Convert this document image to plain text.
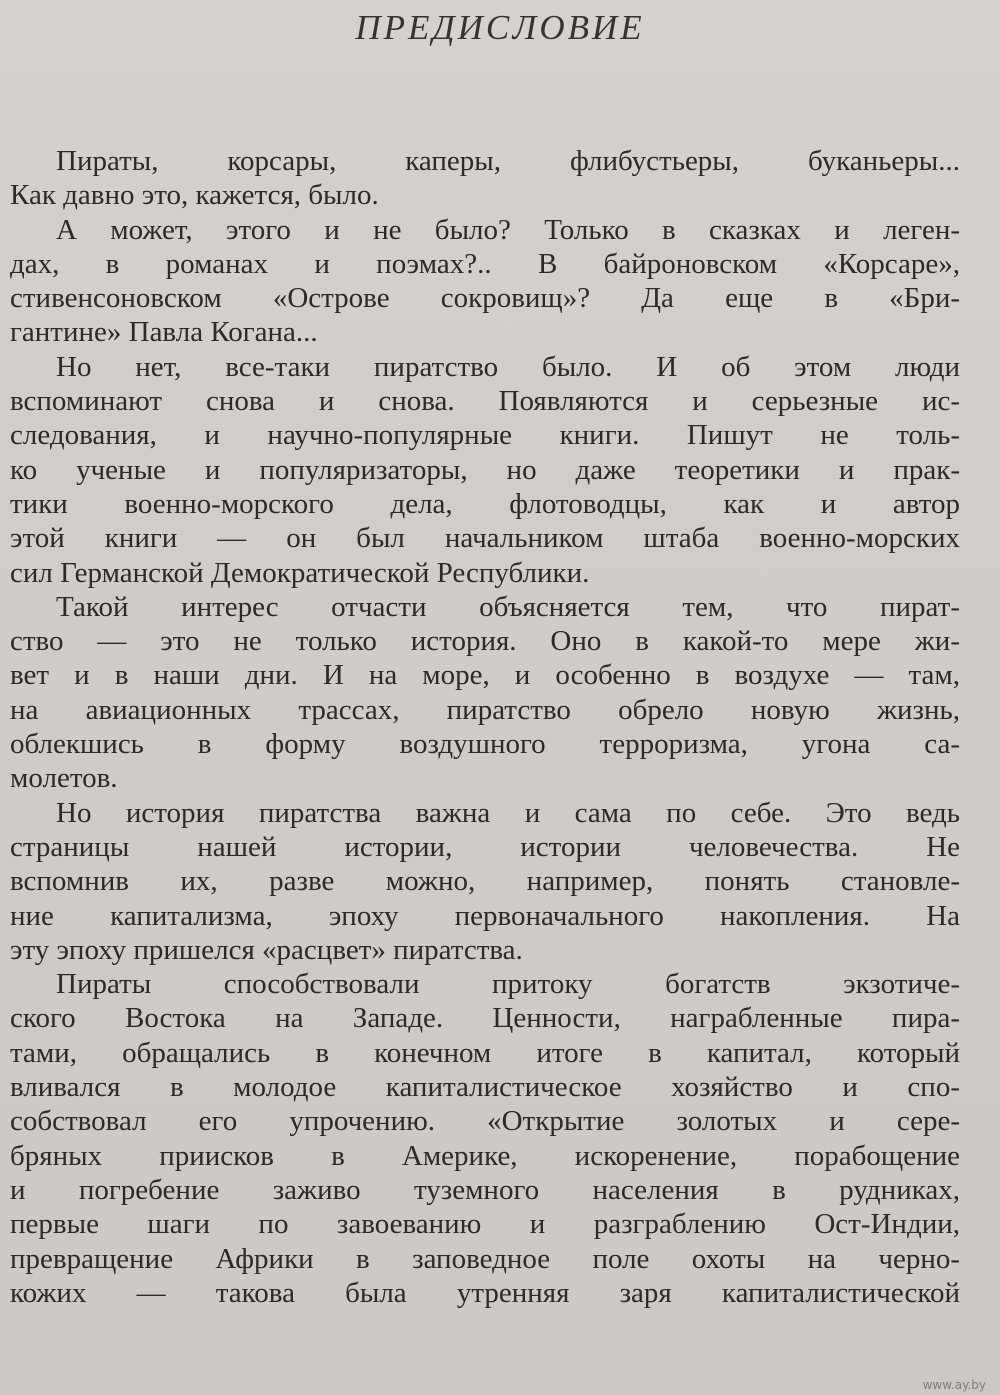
ПРЕДИСЛОВИЕ
Пираты, корсары, каперы, флибустьеры, буканьеры...
Как давно это, кажется, было.
А может, этого и не было? Только в сказках и леген-
дах, в романах и поэмах?.. В байроновском «Корсаре»,
стивенсоновском «Острове сокровищ»? Да еще в «Бри-
гантине» Павла Когана...
Но нет, все-таки пиратство было. И об этом люди
вспоминают снова и снова. Появляются и серьезные ис-
следования, и научно-популярные книги. Пишут не толь-
ко ученые и популяризаторы, но даже теоретики и прак-
тики военно-морского дела, флотоводцы, как и автор
этой книги — он был начальником штаба военно-морских
сил Германской Демократической Республики.
Такой интерес отчасти объясняется тем, что пират-
ство — это не только история. Оно в какой-то мере жи-
вет и в наши дни. И на море, и особенно в воздухе — там,
на авиационных трассах, пиратство обрело новую жизнь,
облекшись в форму воздушного терроризма, угона са-
молетов.
Но история пиратства важна и сама по себе. Это ведь
страницы нашей истории, истории человечества. Не
вспомнив их, разве можно, например, понять становле-
ние капитализма, эпоху первоначального накопления. На
эту эпоху пришелся «расцвет» пиратства.
Пираты способствовали притоку богатств экзотиче-
ского Востока на Западе. Ценности, награбленные пира-
тами, обращались в конечном итоге в капитал, который
вливался в молодое капиталистическое хозяйство и спо-
собствовал его упрочению. «Открытие золотых и сере-
бряных приисков в Америке, искоренение, порабощение
и погребение заживо туземного населения в рудниках,
первые шаги по завоеванию и разграблению Ост-Индии,
превращение Африки в заповедное поле охоты на черно-
кожих — такова была утренняя заря капиталистической
www.ay.by
